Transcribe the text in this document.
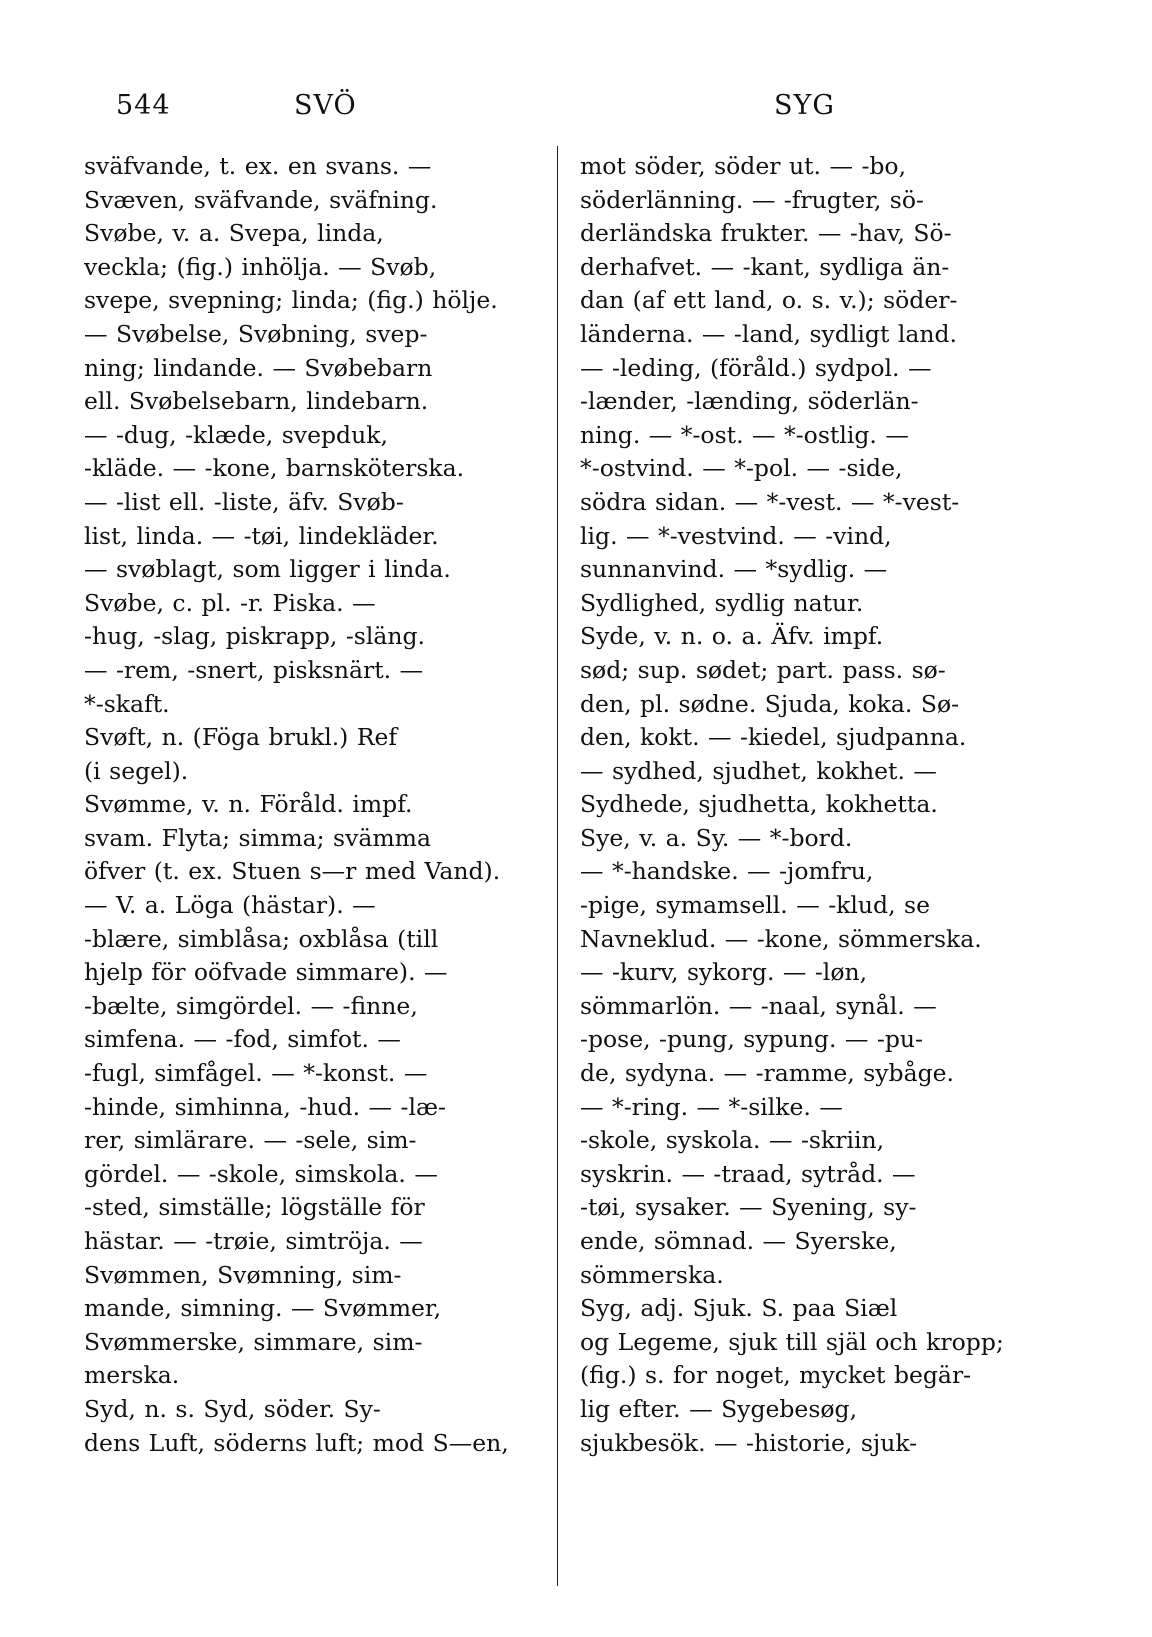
544	SVÖ	SYG
sväfvande, t. ex. en svans. —
Svæven, sväfvande, sväfning.
Svøbe, v. a. Svepa, linda,
veckla; (fig.) inhölja. — Svøb,
svepe, svepning; linda; (fig.) hölje.
— Svøbelse, Svøbning, svep-
ning; lindande. — Svøbebarn
ell. Svøbelsebarn, lindebarn.
— -dug, -klæde, svepduk,
-kläde. — -kone, barnsköterska.
— -list ell. -liste, äfv. Svøb-
list, linda. — -tøi, lindekläder.
— svøblagt, som ligger i linda.
Svøbe, c. pl. -r. Piska. —
-hug, -slag, piskrapp, -släng.
— -rem, -snert, pisksnärt. —
*-skaft.
Svøft, n. (Föga brukl.) Ref
(i segel).
Svømme, v. n. Föråld. impf.
svam. Flyta; simma; svämma
öfver (t. ex. Stuen s—r med Vand).
— V. a. Löga (hästar). —
-blære, simblåsa; oxblåsa (till
hjelp för oöfvade simmare). —
-bælte, simgördel. — -finne,
simfena. — -fod, simfot. —
-fugl, simfågel. — *-konst. —
-hinde, simhinna, -hud. — -læ-
rer, simlärare. — -sele, sim-
gördel. — -skole, simskola. —
-sted, simställe; lögställe för
hästar. — -trøie, simtröja. —
Svømmen, Svømning, sim-
mande, simning. — Svømmer,
Svømmerske, simmare, sim-
merska.
Syd, n. s. Syd, söder. Sy-
dens Luft, söderns luft; mod S—en,
mot söder, söder ut. — -bo,
söderlänning. — -frugter, sö-
derländska frukter. — -hav, Sö-
derhafvet. — -kant, sydliga än-
dan (af ett land, o. s. v.); söder-
länderna. — -land, sydligt land.
— -leding, (föråld.) sydpol. —
-lænder, -lænding, söderlän-
ning. — *-ost. — *-ostlig. —
*-ostvind. — *-pol. — -side,
södra sidan. — *-vest. — *-vest-
lig. — *-vestvind. — -vind,
sunnanvind. — *sydlig. —
Sydlighed, sydlig natur.
Syde, v. n. o. a. Äfv. impf.
sød; sup. sødet; part. pass. sø-
den, pl. sødne. Sjuda, koka. Sø-
den, kokt. — -kiedel, sjudpanna.
— sydhed, sjudhet, kokhet. —
Sydhede, sjudhetta, kokhetta.
Sye, v. a. Sy. — *-bord.
— *-handske. — -jomfru,
-pige, symamsell. — -klud, se
Navneklud. — -kone, sömmerska.
— -kurv, sykorg. — -løn,
sömmarlön. — -naal, synål. —
-pose, -pung, sypung. — -pu-
de, sydyna. — -ramme, sybåge.
— *-ring. — *-silke. —
-skole, syskola. — -skriin,
syskrin. — -traad, sytråd. —
-tøi, sysaker. — Syening, sy-
ende, sömnad. — Syerske,
sömmerska.
Syg, adj. Sjuk. S. paa Siæl
og Legeme, sjuk till själ och kropp;
(fig.) s. for noget, mycket begär-
lig efter. — Sygebesøg,
sjukbesök. — -historie, sjuk-
